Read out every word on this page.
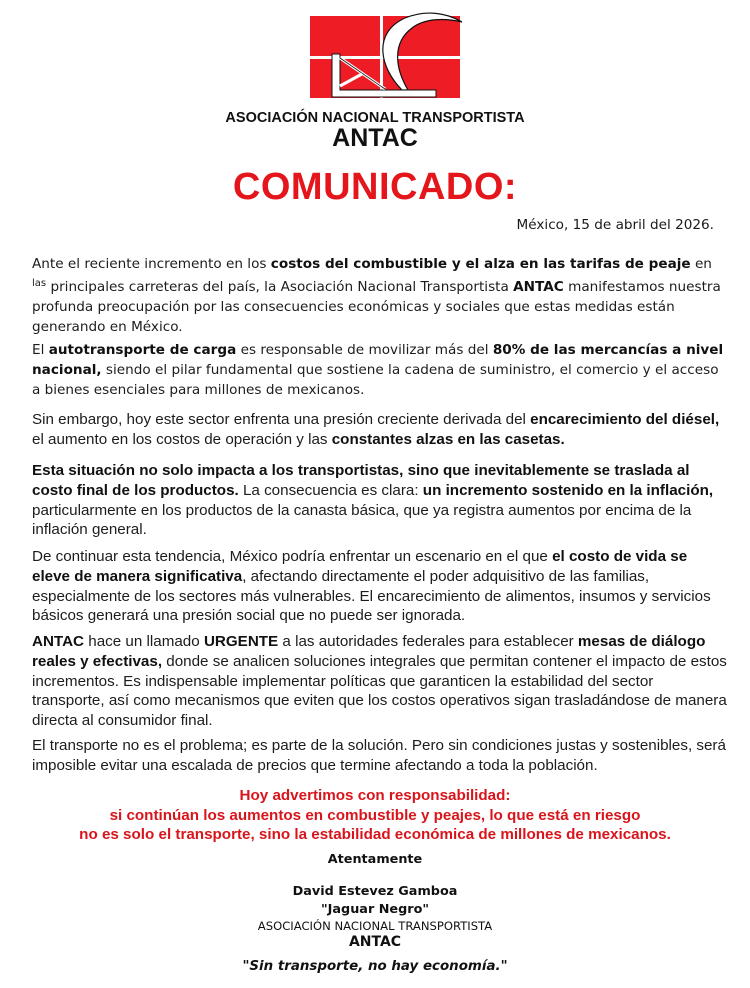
ASOCIACIÓN NACIONAL TRANSPORTISTA
ANTAC
COMUNICADO:
México, 15 de abril del 2026.

Ante el reciente incremento en los costos del combustible y el alza en las tarifas de peaje en $^{las}$ principales carreteras del país, la Asociación Nacional Transportista ANTAC manifestamos nuestra profunda preocupación por las consecuencies económicas y sociales que estas medidas están generando en México.

El autotransporte de carga es responsable de movilizar más del 80% de las mercancías a nivel nacional, siendo el pilar fundamental que sostiene la cadena de suministro, el comercio y el acceso a bienes esenciales para millones de mexicanos.

Sin embargo, hoy este sector enfrenta una presión creciente derivada del encarecimiento del diésel, el aumento en los costos de operación y las constantes alzas en las casetas.

Esta situación no solo impacta a los transportistas, sino que inevitablemente se traslada al costo final de los productos. La consecuencia es clara: un incremento sostenido en la inflación, particularmente en los productos de la canasta básica, que ya registra aumentos por encima de la inflación general.

De continuar esta tendencia, México podría enfrentar un escenario en el que el costo de vida se eleve de manera significativa, afectando directamente el poder adquisitivo de las familias, especialmente de los sectores más vulnerables. El encarecimiento de alimentos, insumos y servicios básicos generará una presión social que no puede ser ignorada.

ANTAC hace un llamado URGENTE a las autoridades federales para establecer mesas de diálogo reales y efectivas, donde se analicen soluciones integrales que permitan contener el impacto de estos incrementos. Es indispensable implementar políticas que garanticen la estabilidad del sector transporte, así como mecanismos que eviten que los costos operativos sigan trasladándose de manera directa al consumidor final.

El transporte no es el problema; es parte de la solución. Pero sin condiciones justas y sostenibles, será imposible evitar una escalada de precios que termine afectando a toda la población.

Hoy advertimos con responsabilidad:
si continúan los aumentos en combustible y peajes, lo que está en riesgo
no es solo el transporte, sino la estabilidad económica de millones de mexicanos.
Atentamente
David Estevez Gamboa
"Jaguar Negro"
ASOCIACIÓN NACIONAL TRANSPORTISTA
ANTAC
"Sin transporte, no hay economía."
